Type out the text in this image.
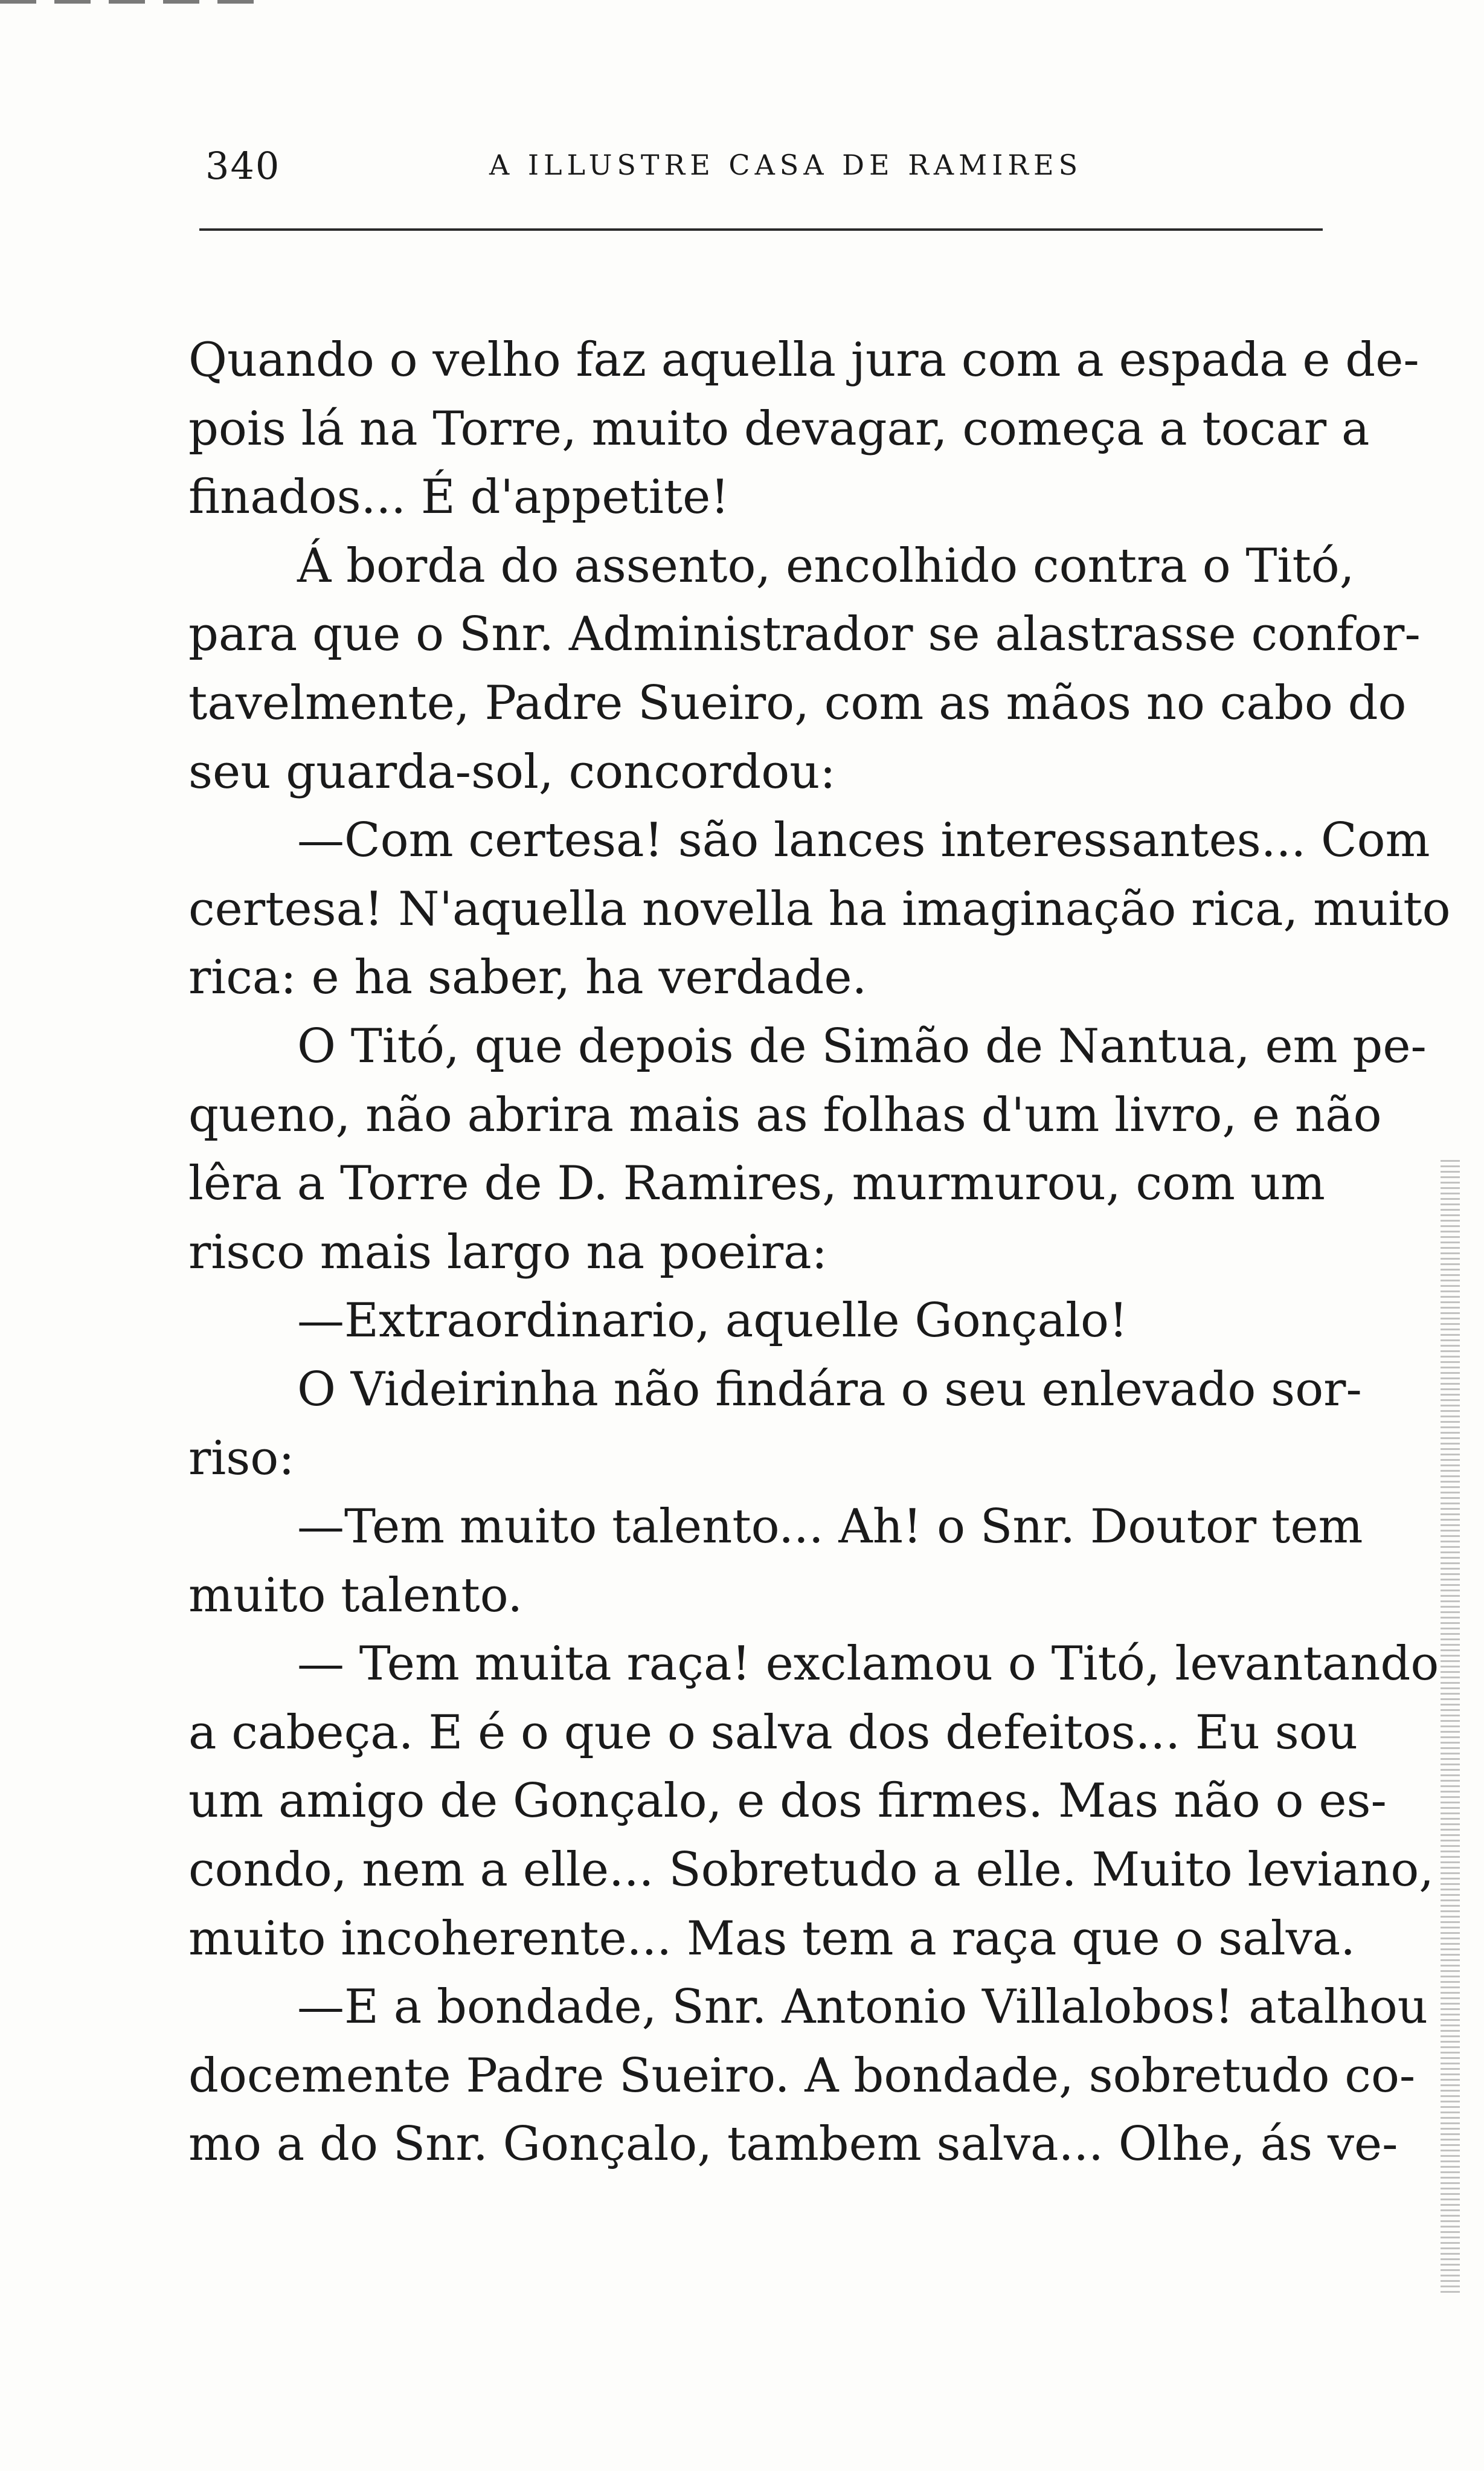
340	A ILLUSTRE CASA DE RAMIRES
Quando o velho faz aquella jura com a espada e de-
pois lá na Torre, muito devagar, começa a tocar a
finados... É d'appetite!
Á borda do assento, encolhido contra o Titó,
para que o Snr. Administrador se alastrasse confor-
tavelmente, Padre Sueiro, com as mãos no cabo do
seu guarda-sol, concordou:
—Com certesa! são lances interessantes... Com
certesa! N'aquella novella ha imaginação rica, muito
rica: e ha saber, ha verdade.
O Titó, que depois de Simão de Nantua, em pe-
queno, não abrira mais as folhas d'um livro, e não
lêra a Torre de D. Ramires, murmurou, com um
risco mais largo na poeira:
—Extraordinario, aquelle Gonçalo!
O Videirinha não findára o seu enlevado sor-
riso:
—Tem muito talento... Ah! o Snr. Doutor tem
muito talento.
— Tem muita raça! exclamou o Titó, levantando
a cabeça. E é o que o salva dos defeitos... Eu sou
um amigo de Gonçalo, e dos firmes. Mas não o es-
condo, nem a elle... Sobretudo a elle. Muito leviano,
muito incoherente... Mas tem a raça que o salva.
—E a bondade, Snr. Antonio Villalobos! atalhou
docemente Padre Sueiro. A bondade, sobretudo co-
mo a do Snr. Gonçalo, tambem salva... Olhe, ás ve-
